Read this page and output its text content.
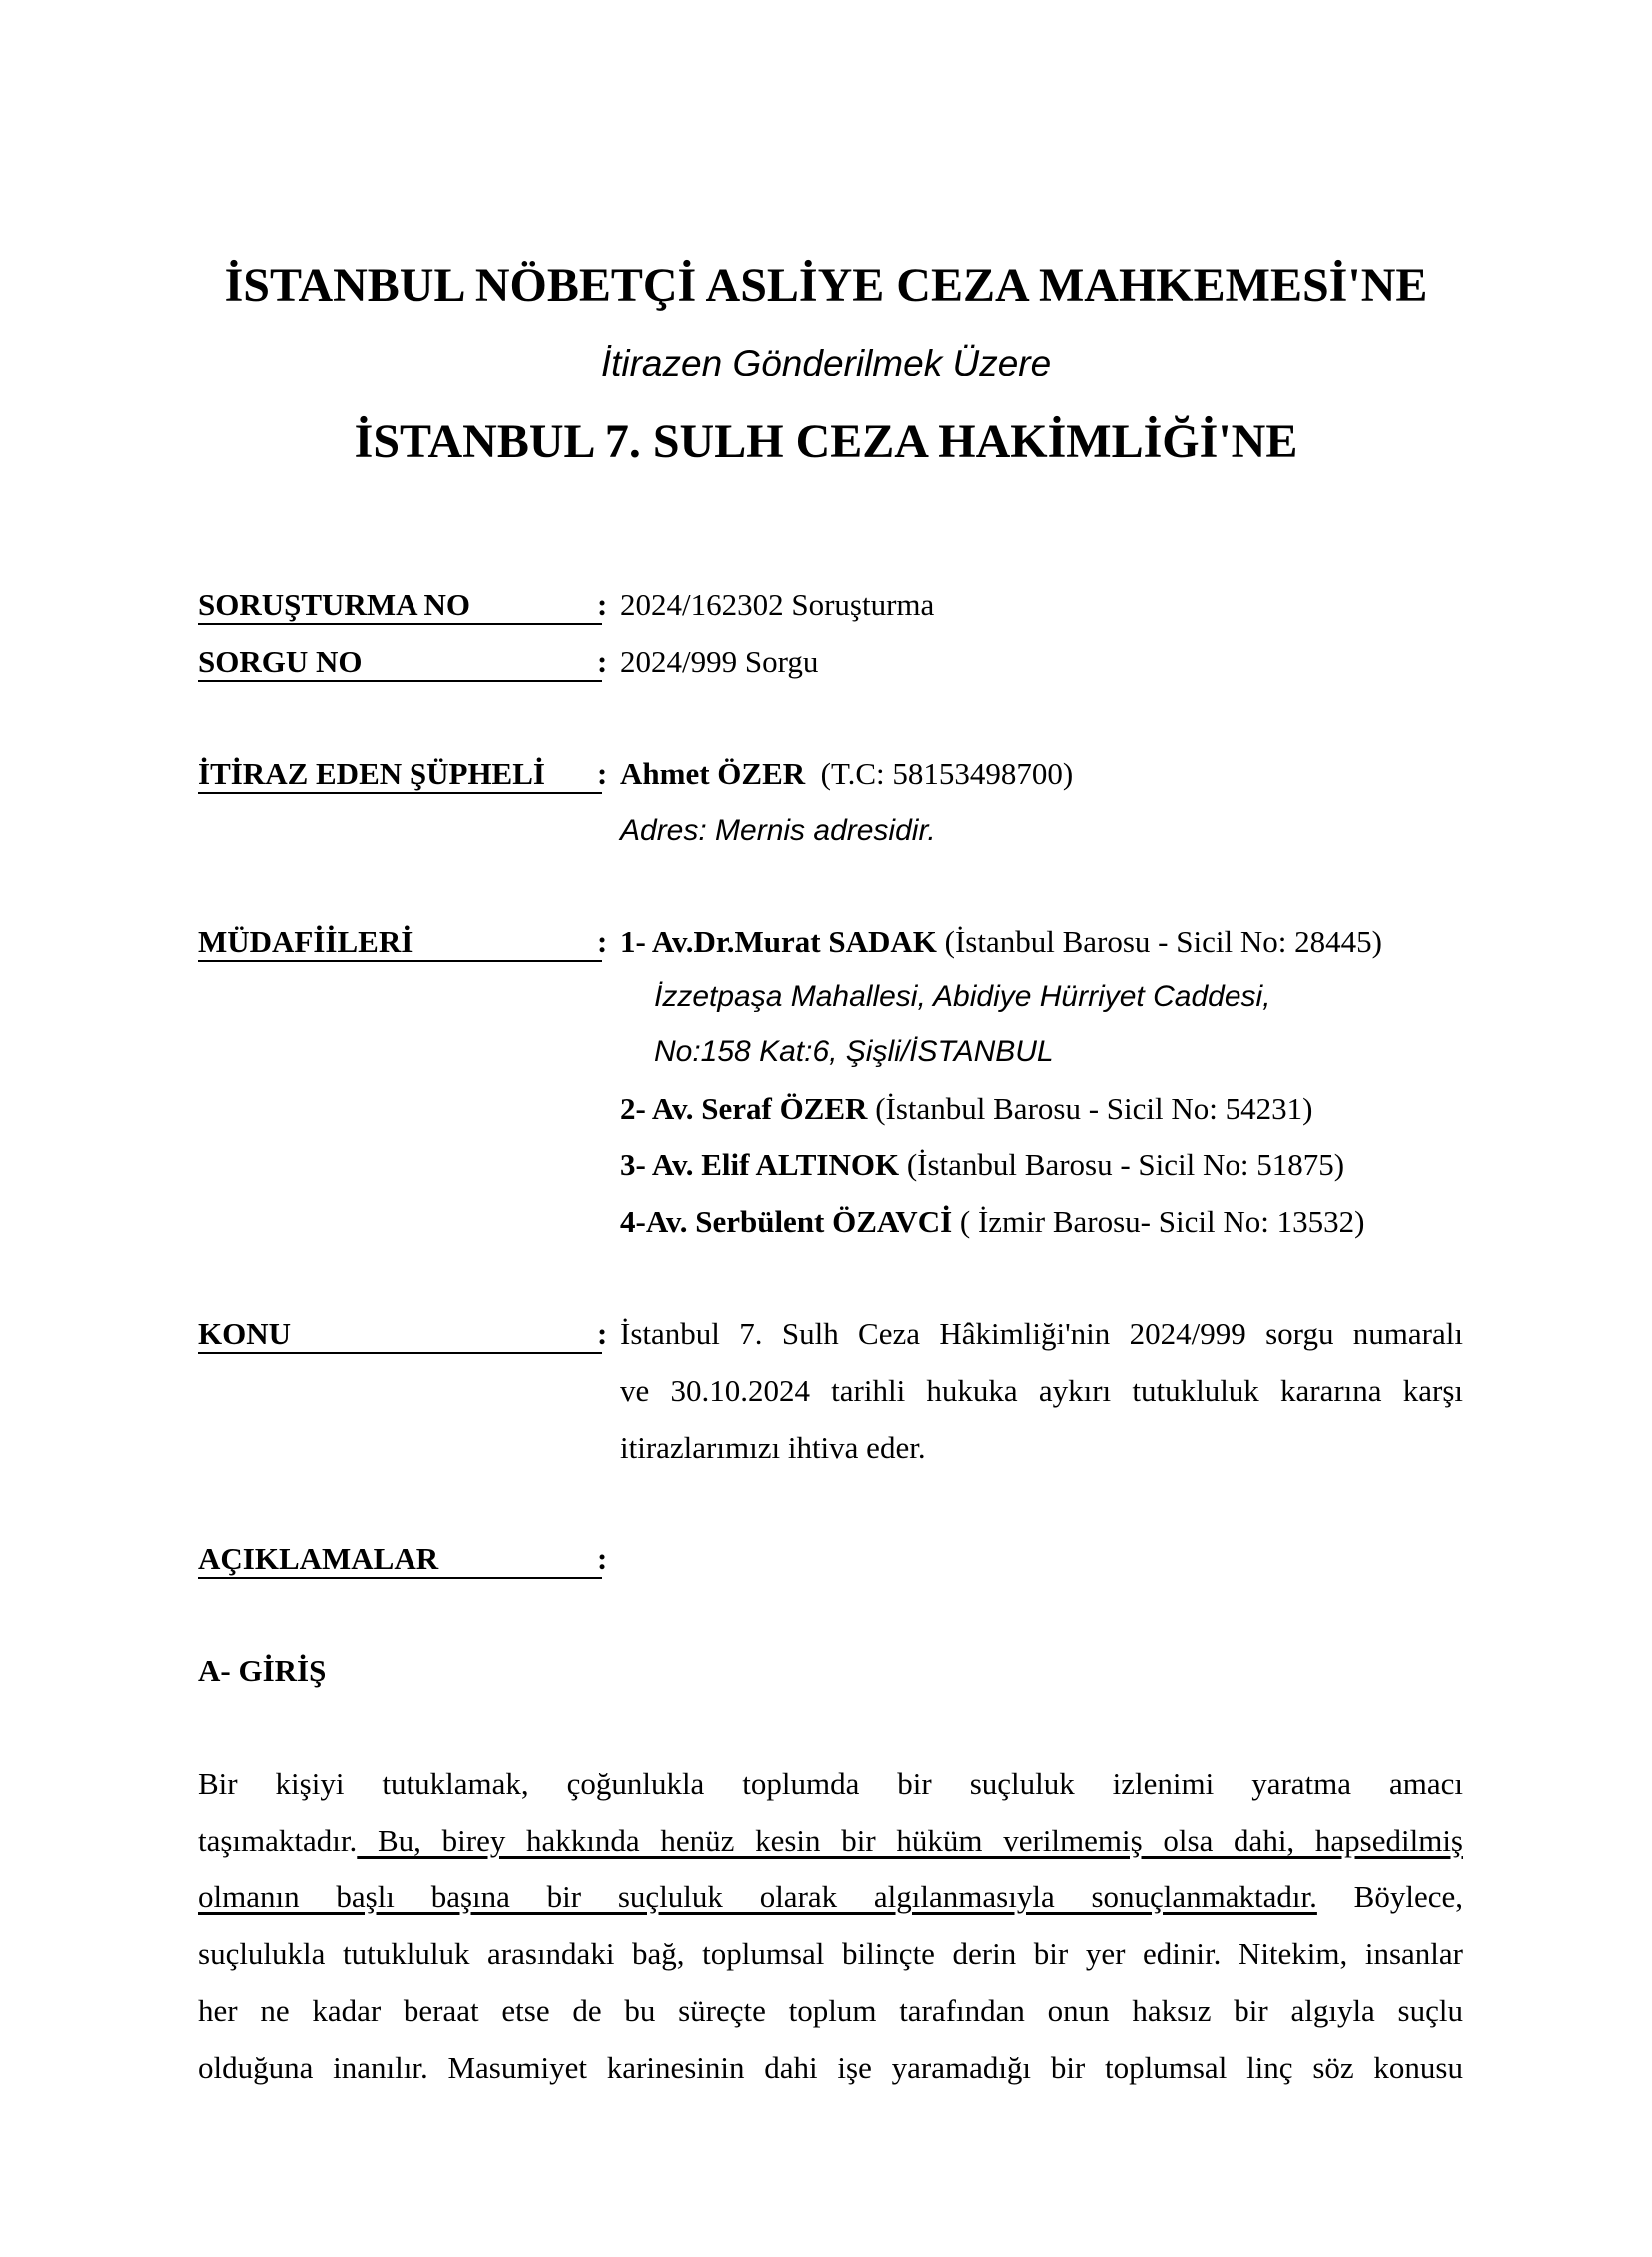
İSTANBUL NÖBETÇİ ASLİYE CEZA MAHKEMESİ'NE
İtirazen Gönderilmek Üzere
İSTANBUL 7. SULH CEZA HAKİMLİĞİ'NE
SORUŞTURMA NO	: 2024/162302 Soruşturma
SORGU NO	: 2024/999 Sorgu
İTİRAZ EDEN ŞÜPHELİ	: Ahmet ÖZER (T.C: 58153498700)
Adres: Mernis adresidir.
MÜDAFİİLERİ	: 1- Av.Dr.Murat SADAK (İstanbul Barosu - Sicil No: 28445)
İzzetpaşa Mahallesi, Abidiye Hürriyet Caddesi,
No:158 Kat:6, Şişli/İSTANBUL
2- Av. Seraf ÖZER (İstanbul Barosu - Sicil No: 54231)
3- Av. Elif ALTINOK (İstanbul Barosu - Sicil No: 51875)
4-Av. Serbülent ÖZAVCİ ( İzmir Barosu- Sicil No: 13532)
KONU	: İstanbul 7. Sulh Ceza Hâkimliği'nin 2024/999 sorgu numaralı
ve 30.10.2024 tarihli hukuka aykırı tutukluluk kararına karşı
itirazlarımızı ihtiva eder.
AÇIKLAMALAR	:
A- GİRİŞ
Bir kişiyi tutuklamak, çoğunlukla toplumda bir suçluluk izlenimi yaratma amacı
taşımaktadır. Bu, birey hakkında henüz kesin bir hüküm verilmemiş olsa dahi, hapsedilmiş
olmanın başlı başına bir suçluluk olarak algılanmasıyla sonuçlanmaktadır. Böylece,
suçlulukla tutukluluk arasındaki bağ, toplumsal bilinçte derin bir yer edinir. Nitekim, insanlar
her ne kadar beraat etse de bu süreçte toplum tarafından onun haksız bir algıyla suçlu
olduğuna inanılır. Masumiyet karinesinin dahi işe yaramadığı bir toplumsal linç söz konusu
